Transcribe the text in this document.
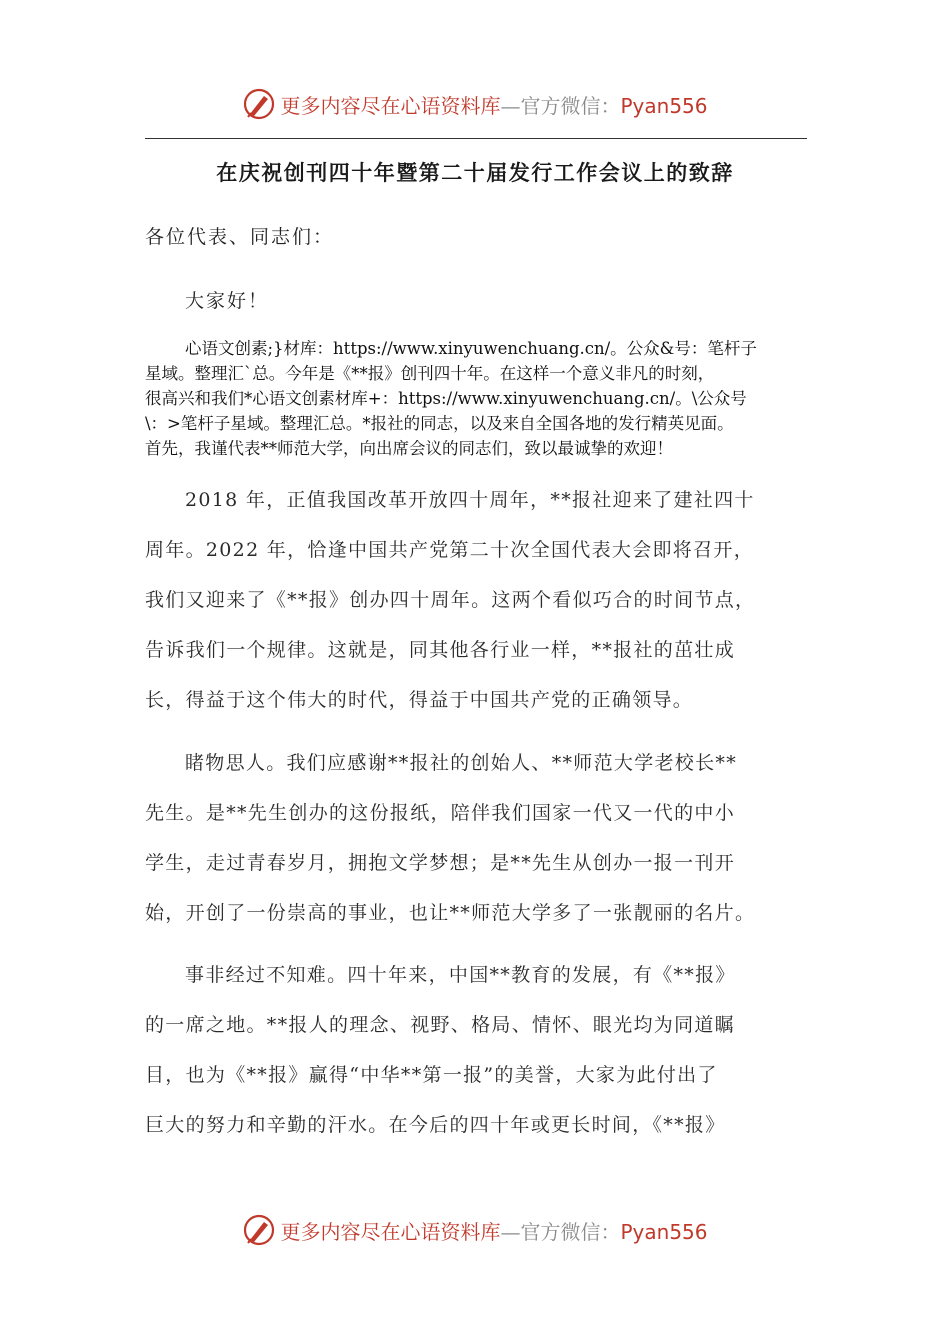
更多内容尽在心语资料库—官方微信：Pyan556
在庆祝创刊四十年暨第二十届发行工作会议上的致辞
各位代表、同志们：
大家好！
心语文创素;}材库：https://www.xinyuwenchuang.cn/。公众&号：笔杆子
星域。整理汇`总。今年是《**报》创刊四十年。在这样一个意义非凡的时刻，
很高兴和我们*心语文创素材库+：https://www.xinyuwenchuang.cn/。\公众号
\：>笔杆子星域。整理汇总。*报社的同志，以及来自全国各地的发行精英见面。
首先，我谨代表**师范大学，向出席会议的同志们，致以最诚挚的欢迎！
2018 年，正值我国改革开放四十周年，**报社迎来了建社四十
周年。2022 年，恰逢中国共产党第二十次全国代表大会即将召开，
我们又迎来了《**报》创办四十周年。这两个看似巧合的时间节点，
告诉我们一个规律。这就是，同其他各行业一样，**报社的茁壮成
长，得益于这个伟大的时代，得益于中国共产党的正确领导。
睹物思人。我们应感谢**报社的创始人、**师范大学老校长**
先生。是**先生创办的这份报纸，陪伴我们国家一代又一代的中小
学生，走过青春岁月，拥抱文学梦想；是**先生从创办一报一刊开
始，开创了一份崇高的事业，也让**师范大学多了一张靓丽的名片。
事非经过不知难。四十年来，中国**教育的发展，有《**报》
的一席之地。**报人的理念、视野、格局、情怀、眼光均为同道瞩
目，也为《**报》赢得“中华**第一报”的美誉，大家为此付出了
巨大的努力和辛勤的汗水。在今后的四十年或更长时间，《**报》
更多内容尽在心语资料库—官方微信：Pyan556
